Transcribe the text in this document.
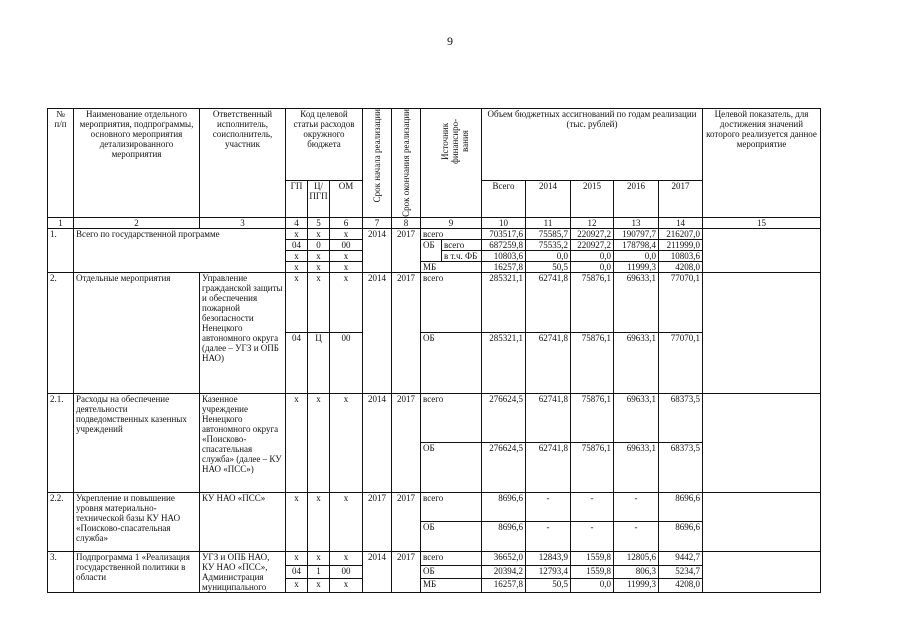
9
№
п/п	Наименование отдельного мероприятия, подпрограммы, основного мероприятия детализированного мероприятия	Ответственный исполнитель, соисполнитель, участник	Код целевой статьи расходов окружного бюджета			Срок начала реализации	Срок окончания реализации	Источник финансиро-вания		Объем бюджетных ассигнований по годам реализации (тыс. рублей)					Целевой показатель, для достижения значений которого реализуется данное мероприятие
			ГП	Ц/ПГП	ОМ					Всего	2014	2015	2016	2017	
1	2	3	4	5	6	7	8	9		10	11	12	13	14	15
1.	Всего по государственной программе		х	х	х	2014	2017	всего		703517,6	75585,7	220927,2	190797,7	216207,0	
			04	0	00			ОБ	всего	687259,8	75535,2	220927,2	178798,4	211999,0	
			х	х	х				в т.ч. ФБ	10803,6	0,0	0,0	0,0	10803,6	
			х	х	х			МБ		16257,8	50,5	0,0	11999,3	4208,0	
2.	Отдельные мероприятия	Управление гражданской защиты и обеспечения пожарной безопасности Ненецкого автономного округа (далее – УГЗ и ОПБ НАО)	х	х	х	2014	2017	всего		285321,1	62741,8	75876,1	69633,1	77070,1	
			04	Ц	00			ОБ		285321,1	62741,8	75876,1	69633,1	77070,1	
2.1.	Расходы на обеспечение деятельности подведомственных казенных учреждений	Казенное учреждение Ненецкого автономного округа «Поисково-спасательная служба» (далее – КУ НАО «ПСС»)	х	х	х	2014	2017	всего		276624,5	62741,8	75876,1	69633,1	68373,5	
								ОБ		276624,5	62741,8	75876,1	69633,1	68373,5	
2.2.	Укрепление и повышение уровня материально-технической базы КУ НАО «Поисково-спасательная служба»	КУ НАО «ПСС»	х	х	х	2017	2017	всего		8696,6	-	-	-	8696,6	
								ОБ		8696,6	-	-	-	8696,6	
3.	Подпрограмма 1 «Реализация государственной политики в области	УГЗ и ОПБ НАО, КУ НАО «ПСС», Администрация муниципального	х	х	х	2014	2017	всего		36652,0	12843,9	1559,8	12805,6	9442,7	
			04	1	00			ОБ		20394,2	12793,4	1559,8	806,3	5234,7	
			х	х	х			МБ		16257,8	50,5	0,0	11999,3	4208,0	
